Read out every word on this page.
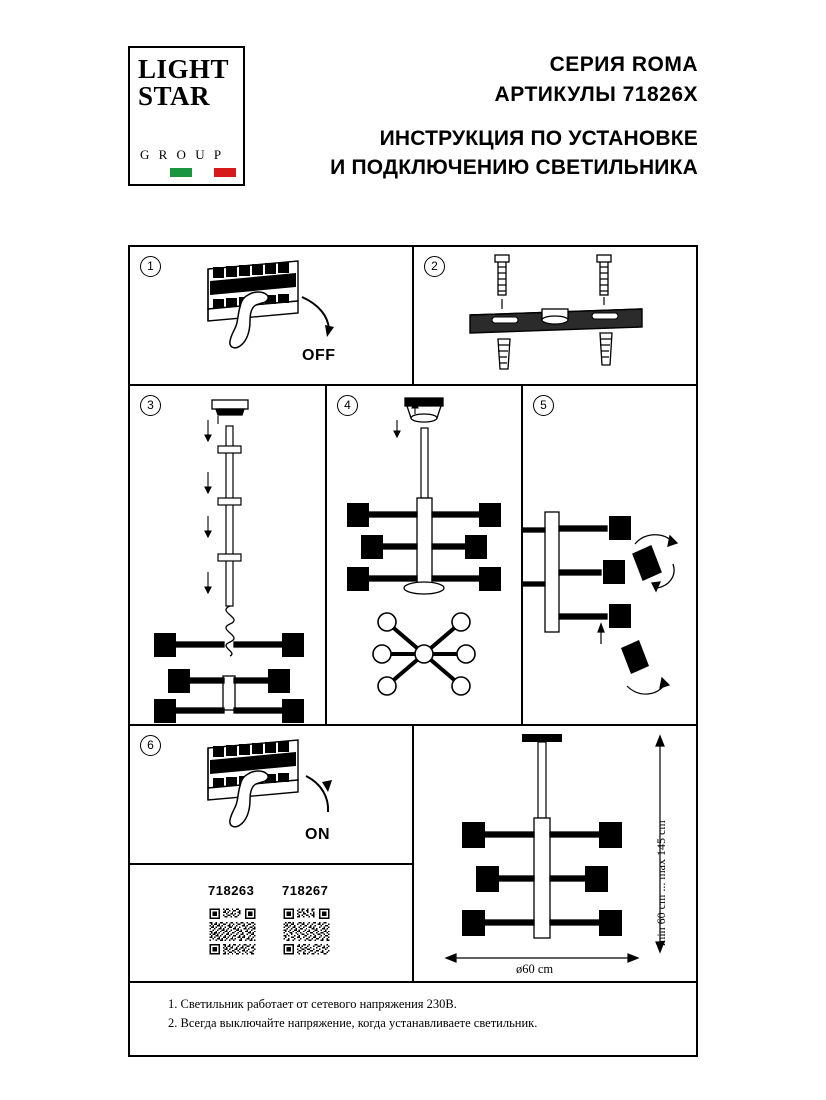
LIGHT
STAR
G R O U P
СЕРИЯ ROMA
АРТИКУЛЫ 71826X
ИНСТРУКЦИЯ ПО УСТАНОВКЕ
И ПОДКЛЮЧЕНИЮ СВЕТИЛЬНИКА
1
OFF
2
3	4	5
6
ON	min 60 cm ... max 145 cm
ø60 cm
718263 718267
1. Светильник работает от сетевого напряжения 230В.
2. Всегда выключайте напряжение, когда устанавливаете светильник.
